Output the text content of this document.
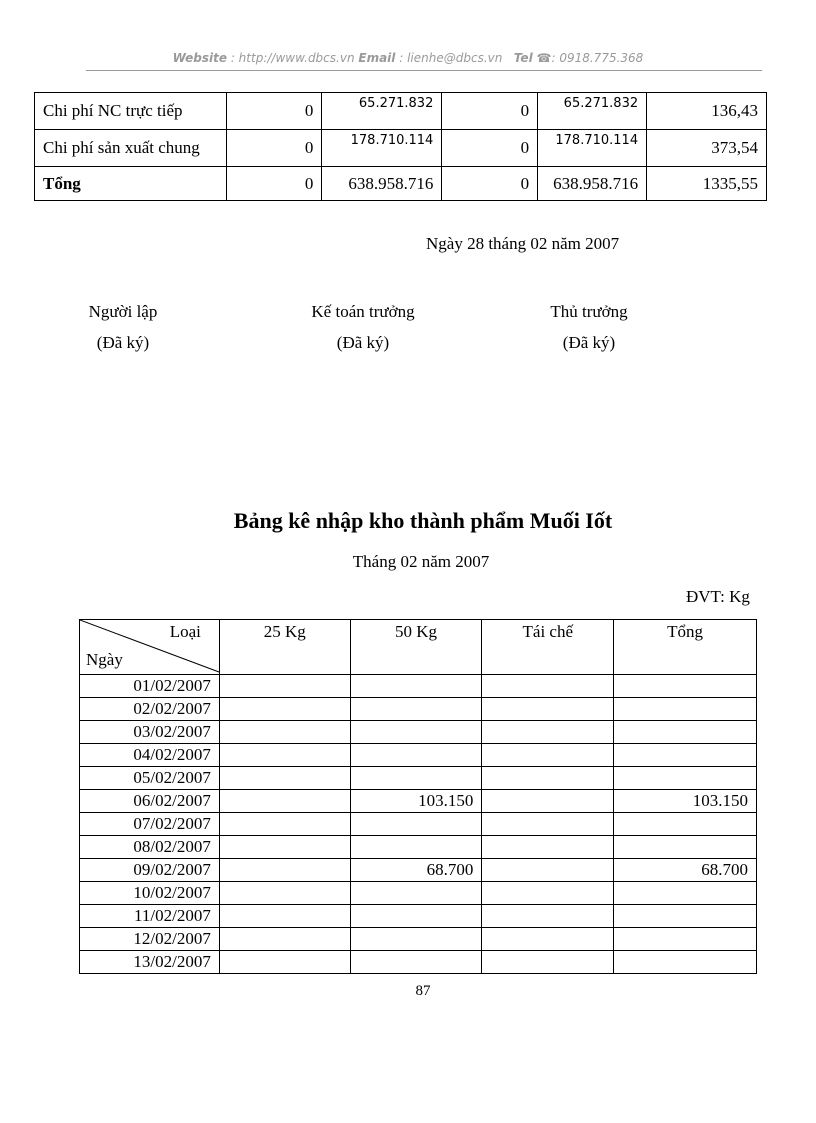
Website : http://www.dbcs.vn Email : lienhe@dbcs.vn Tel ☎: 0918.775.368
Chi phí NC trực tiếp	0	65.271.832	0	65.271.832	136,43
Chi phí sản xuất chung	0	178.710.114	0	178.710.114	373,54
Tổng	0	638.958.716	0	638.958.716	1335,55
Ngày 28 tháng 02 năm 2007
Người lập
(Đã ký)
Kế toán trưởng
(Đã ký)
Thủ trưởng
(Đã ký)
Bảng kê nhập kho thành phẩm Muối Iốt
Tháng 02 năm 2007
ĐVT: Kg
Loại
Ngày	25 Kg	50 Kg	Tái chế	Tổng
01/02/2007				
02/02/2007				
03/02/2007				
04/02/2007				
05/02/2007				
06/02/2007		103.150		103.150
07/02/2007				
08/02/2007				
09/02/2007		68.700		68.700
10/02/2007				
11/02/2007				
12/02/2007				
13/02/2007				
87
